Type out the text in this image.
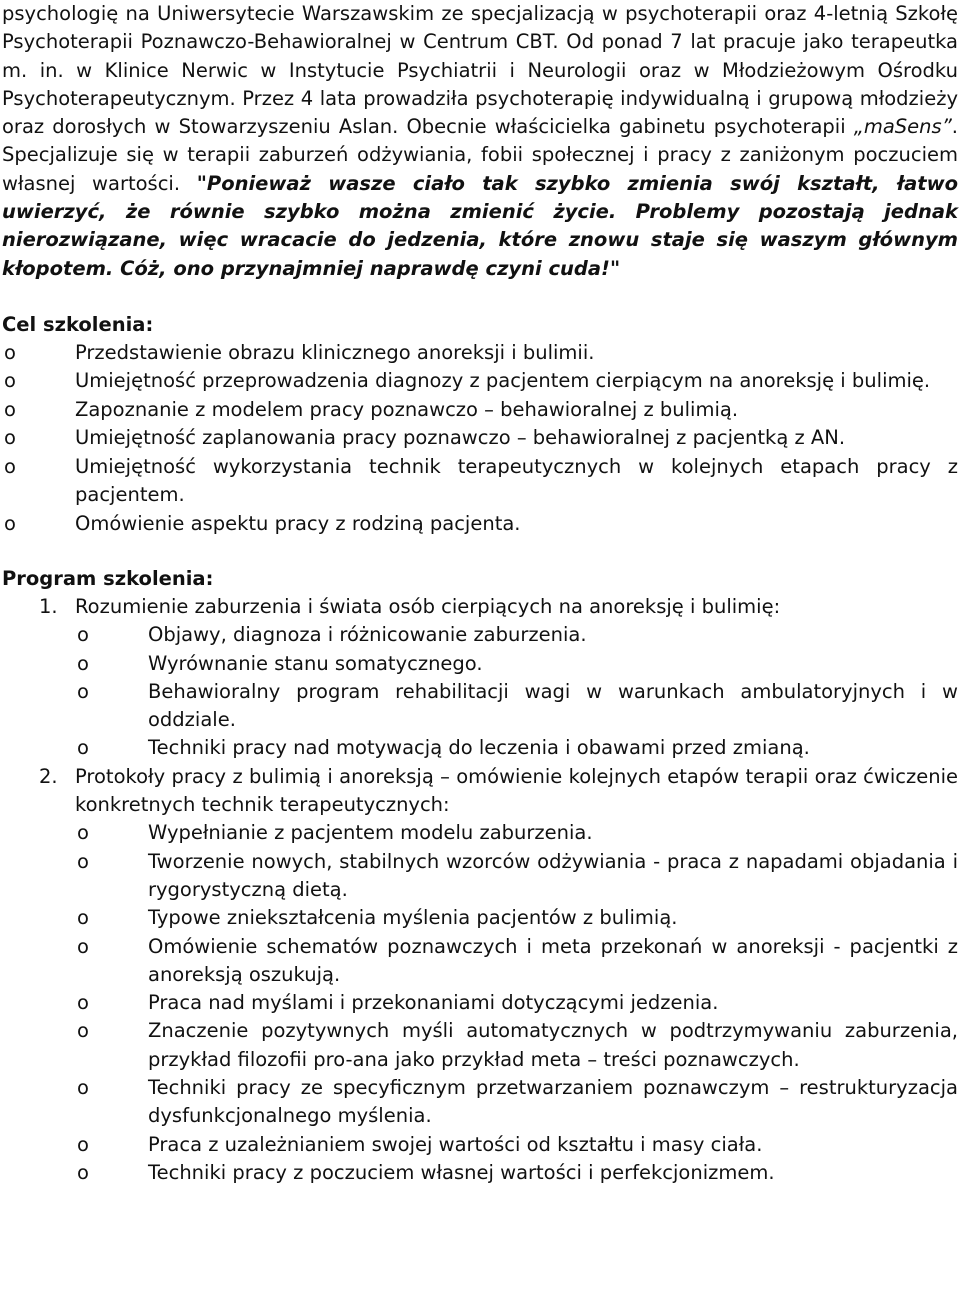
psychologię na Uniwersytecie Warszawskim ze specjalizacją w psychoterapii oraz 4-letnią Szkołę Psychoterapii Poznawczo-Behawioralnej w Centrum CBT. Od ponad 7 lat pracuje jako terapeutka m. in. w Klinice Nerwic w Instytucie Psychiatrii i Neurologii oraz w Młodzieżowym Ośrodku Psychoterapeutycznym. Przez 4 lata prowadziła psychoterapię indywidualną i grupową młodzieży oraz dorosłych w Stowarzyszeniu Aslan. Obecnie właścicielka gabinetu psychoterapii „maSens”. Specjalizuje się w terapii zaburzeń odżywiania, fobii społecznej i pracy z zaniżonym poczuciem własnej wartości. "Ponieważ wasze ciało tak szybko zmienia swój kształt, łatwo uwierzyć, że równie szybko można zmienić życie. Problemy pozostają jednak nierozwiązane, więc wracacie do jedzenia, które znowu staje się waszym głównym kłopotem. Cóż, ono przynajmniej naprawdę czyni cuda!"

Cel szkolenia:
o	Przedstawienie obrazu klinicznego anoreksji i bulimii.
o	Umiejętność przeprowadzenia diagnozy z pacjentem cierpiącym na anoreksję i bulimię.
o	Zapoznanie z modelem pracy poznawczo – behawioralnej z bulimią.
o	Umiejętność zaplanowania pracy poznawczo – behawioralnej z pacjentką z AN.
o	Umiejętność wykorzystania technik terapeutycznych w kolejnych etapach pracy z pacjentem.
o	Omówienie aspektu pracy z rodziną pacjenta.
Program szkolenia:
1. Rozumienie zaburzenia i świata osób cierpiących na anoreksję i bulimię:
o	Objawy, diagnoza i różnicowanie zaburzenia.
o	Wyrównanie stanu somatycznego.
o	Behawioralny program rehabilitacji wagi w warunkach ambulatoryjnych i w oddziale.
o	Techniki pracy nad motywacją do leczenia i obawami przed zmianą.
2. Protokoły pracy z bulimią i anoreksją – omówienie kolejnych etapów terapii oraz ćwiczenie konkretnych technik terapeutycznych:
o	Wypełnianie z pacjentem modelu zaburzenia.
o	Tworzenie nowych, stabilnych wzorców odżywiania - praca z napadami objadania i rygorystyczną dietą.
o	Typowe zniekształcenia myślenia pacjentów z bulimią.
o	Omówienie schematów poznawczych i meta przekonań w anoreksji - pacjentki z anoreksją oszukują.
o	Praca nad myślami i przekonaniami dotyczącymi jedzenia.
o	Znaczenie pozytywnych myśli automatycznych w podtrzymywaniu zaburzenia, przykład filozofii pro-ana jako przykład meta – treści poznawczych.
o	Techniki pracy ze specyficznym przetwarzaniem poznawczym – restrukturyzacja dysfunkcjonalnego myślenia.
o	Praca z uzależnianiem swojej wartości od kształtu i masy ciała.
o	Techniki pracy z poczuciem własnej wartości i perfekcjonizmem.
